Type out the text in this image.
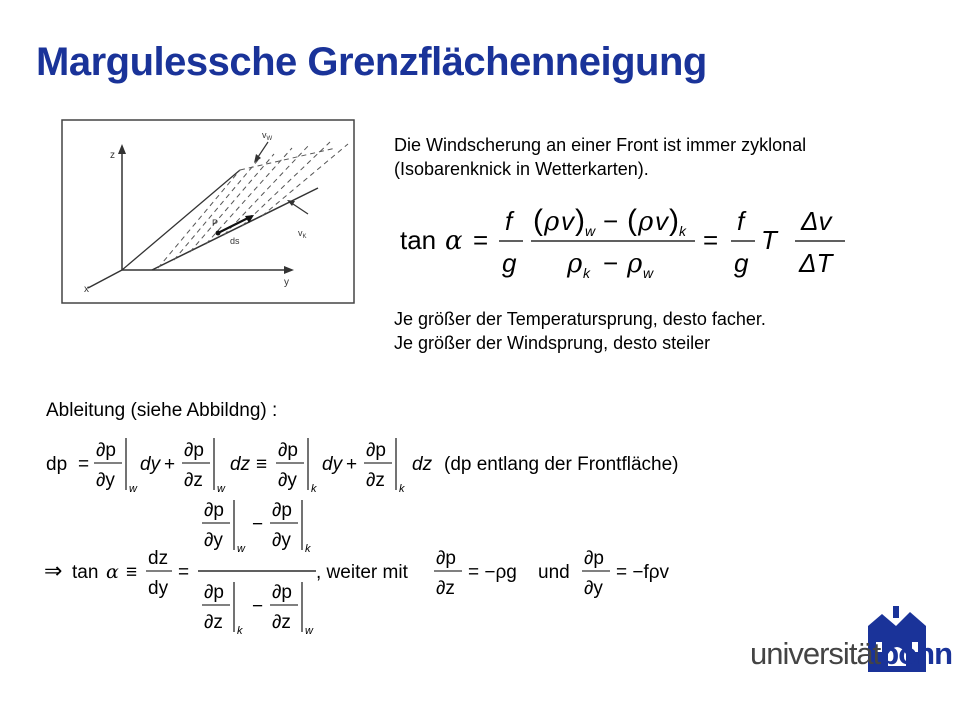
Margulessche Grenzflächenneigung
z
y
x
$v_W$
$v_K$
P
ds
Die Windscherung an einer Front ist immer zyklonal
(Isobarenknick in Wetterkarten).
tan α =
f
g
( ρ v ) w − ( ρ v ) k
ρ k − ρ w
=
f
g
T
Δv
ΔT
Je größer der Temperatursprung, desto facher.
Je größer der Windsprung, desto steiler
Ableitung (siehe Abbildng) :
dp =
∂p
∂y w
dy +
∂p
∂z w
dz ≡
∂p
∂y k
dy +
∂p
∂z k
dz (dp entlang der Frontfläche)
⇒ tan α ≡
dz
dy
=
∂p
∂y w
−
∂p
∂y k
∂p
∂z k
−
∂p
∂z w
, weiter mit
∂p
∂z
= −ρg und
∂p
∂y
= −fρv
universitätbonn
